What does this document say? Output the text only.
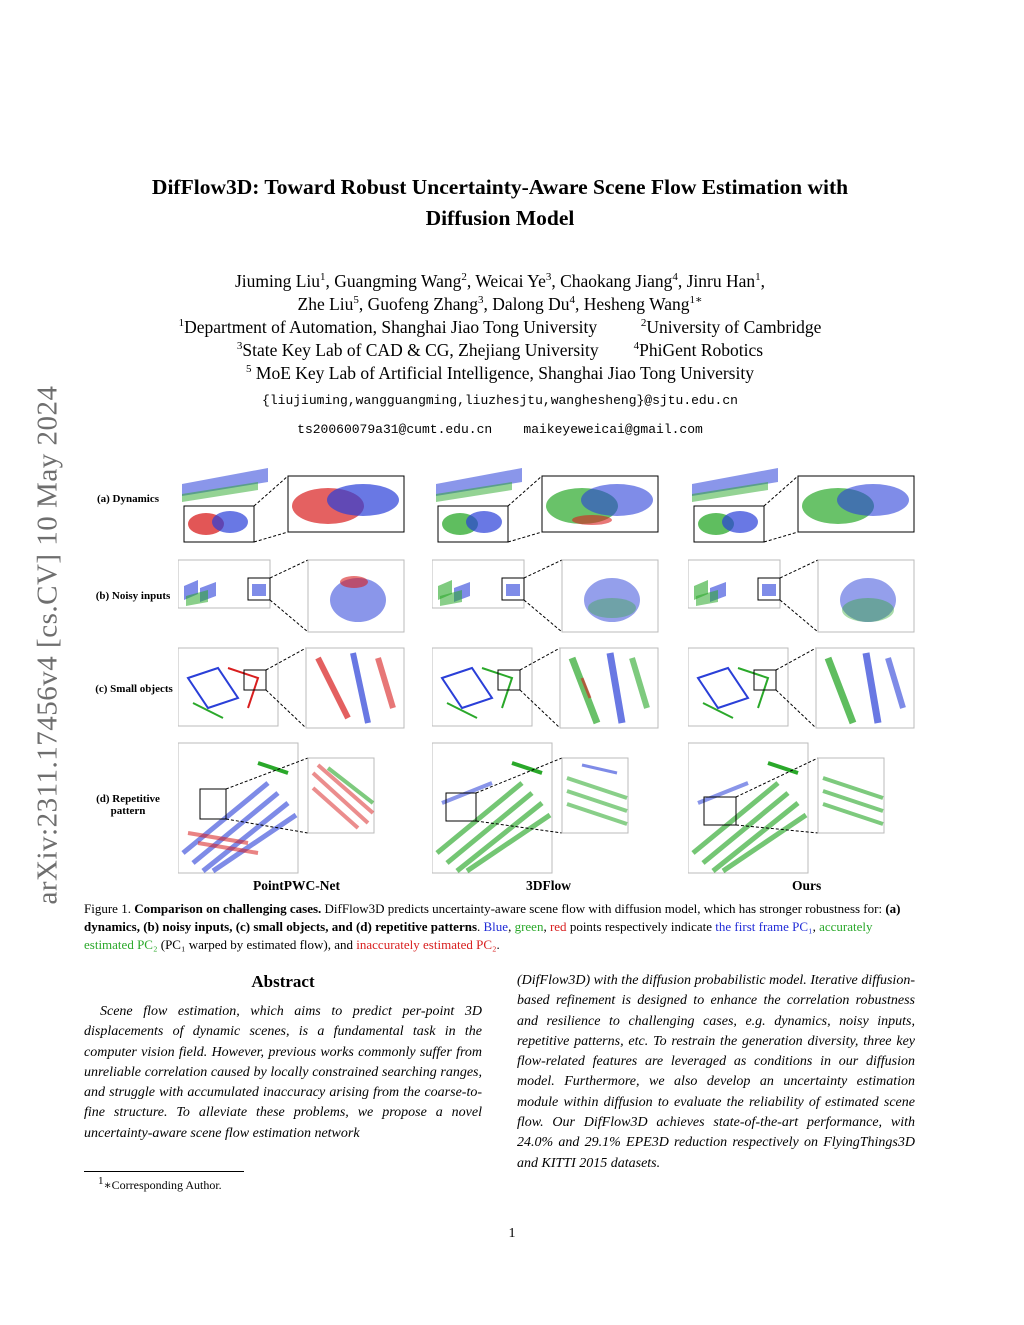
arXiv:2311.17456v4 [cs.CV] 10 May 2024
DifFlow3D: Toward Robust Uncertainty-Aware Scene Flow Estimation with
Diffusion Model
Jiuming Liu$^1$, Guangming Wang$^2$, Weicai Ye$^3$, Chaokang Jiang$^4$, Jinru Han$^1$,
Zhe Liu$^5$, Guofeng Zhang$^3$, Dalong Du$^4$, Hesheng Wang$^{1∗}$
$^1$Department of Automation, Shanghai Jiao Tong University	$^2$University of Cambridge
$^3$State Key Lab of CAD & CG, Zhejiang University	$^4$PhiGent Robotics
$^5$ MoE Key Lab of Artificial Intelligence, Shanghai Jiao Tong University
{liujiuming,wangguangming,liuzhesjtu,wanghesheng}@sjtu.edu.cn
ts20060079a31@cumt.edu.cn maikeyeweicai@gmail.com
(a) Dynamics
(b) Noisy inputs
(c) Small objects
(d) Repetitive pattern
PointPWC-Net	3DFlow	Ours
Figure 1. Comparison on challenging cases. DifFlow3D predicts uncertainty-aware scene flow with diffusion model, which has stronger robustness for: (a) dynamics, (b) noisy inputs, (c) small objects, and (d) repetitive patterns. Blue, green, red points respectively indicate the first frame PC₁, accurately estimated PC₂ (PC₁ warped by estimated flow), and inaccurately estimated PC₂.
Abstract
Scene flow estimation, which aims to predict per-point 3D displacements of dynamic scenes, is a fundamental task in the computer vision field. However, previous works commonly suffer from unreliable correlation caused by locally constrained searching ranges, and struggle with accumulated inaccuracy arising from the coarse-to-fine structure. To alleviate these problems, we propose a novel uncertainty-aware scene flow estimation network
(DifFlow3D) with the diffusion probabilistic model. Iterative diffusion-based refinement is designed to enhance the correlation robustness and resilience to challenging cases, e.g. dynamics, noisy inputs, repetitive patterns, etc. To restrain the generation diversity, three key flow-related features are leveraged as conditions in our diffusion model. Furthermore, we also develop an uncertainty estimation module within diffusion to evaluate the reliability of estimated scene flow. Our DifFlow3D achieves state-of-the-art performance, with 24.0% and 29.1% EPE3D reduction respectively on FlyingThings3D and KITTI 2015 datasets.
$^1$∗Corresponding Author.
1
